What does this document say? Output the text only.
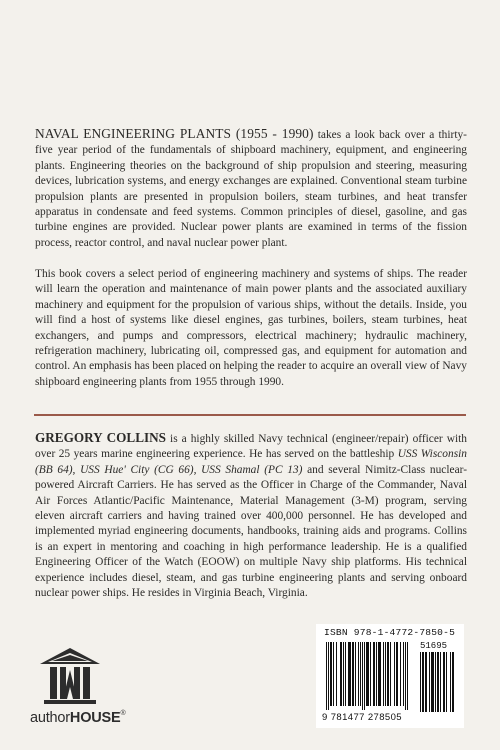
NAVAL ENGINEERING PLANTS (1955 - 1990) takes a look back over a thirty-five year period of the fundamentals of shipboard machinery, equipment, and engineering plants. Engineering theories on the background of ship propulsion and steering, measuring devices, lubrication systems, and energy exchanges are explained. Conventional steam turbine propulsion plants are presented in propulsion boilers, steam turbines, and heat transfer apparatus in condensate and feed systems. Common principles of diesel, gasoline, and gas turbine engines are provided. Nuclear power plants are examined in terms of the fission process, reactor control, and naval nuclear power plant.

This book covers a select period of engineering machinery and systems of ships. The reader will learn the operation and maintenance of main power plants and the associated auxiliary machinery and equipment for the propulsion of various ships, without the details. Inside, you will find a host of systems like diesel engines, gas turbines, boilers, steam turbines, heat exchangers, and pumps and compressors, electrical machinery; hydraulic machinery, refrigeration machinery, lubricating oil, compressed gas, and equipment for automation and control. An emphasis has been placed on helping the reader to acquire an overall view of Navy shipboard engineering plants from 1955 through 1990.

GREGORY COLLINS is a highly skilled Navy technical (engineer/repair) officer with over 25 years marine engineering experience. He has served on the battleship USS Wisconsin (BB 64), USS Hue' City (CG 66), USS Shamal (PC 13) and several Nimitz-Class nuclear-powered Aircraft Carriers. He has served as the Officer in Charge of the Commander, Naval Air Forces Atlantic/Pacific Maintenance, Material Management (3-M) program, serving eleven aircraft carriers and having trained over 400,000 personnel. He has developed and implemented myriad engineering documents, handbooks, training aids and programs. Collins is an expert in mentoring and coaching in high performance leadership. He is a qualified Engineering Officer of the Watch (EOOW) on multiple Navy ship platforms. His technical experience includes diesel, steam, and gas turbine engineering plants and serving onboard nuclear power ships. He resides in Virginia Beach, Virginia.

authorHOUSE®
ISBN 978-1-4772-7850-5
51695
9 781477 278505
